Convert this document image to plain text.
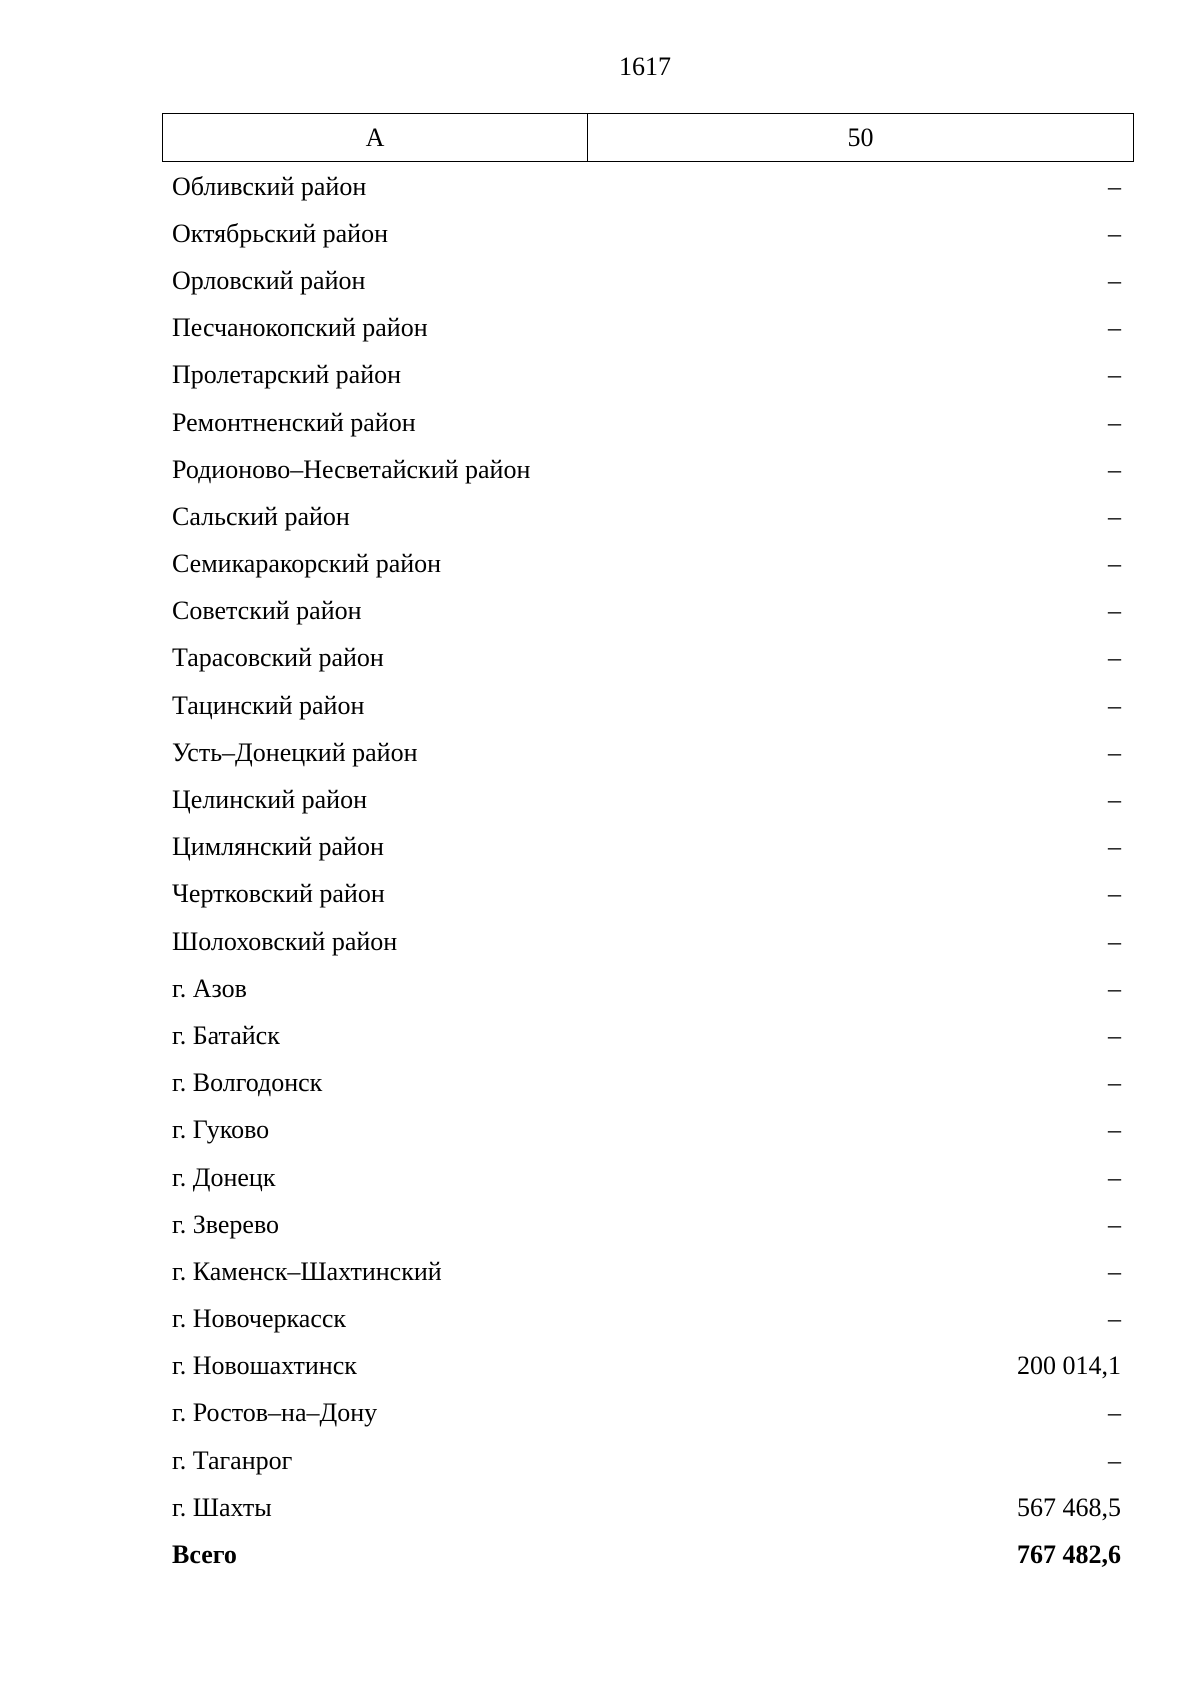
1617
А	50
Обливский район	–
Октябрьский район	–
Орловский район	–
Песчанокопский район	–
Пролетарский район	–
Ремонтненский район	–
Родионово–Несветайский район	–
Сальский район	–
Семикаракорский район	–
Советский район	–
Тарасовский район	–
Тацинский район	–
Усть–Донецкий район	–
Целинский район	–
Цимлянский район	–
Чертковский район	–
Шолоховский район	–
г. Азов	–
г. Батайск	–
г. Волгодонск	–
г. Гуково	–
г. Донецк	–
г. Зверево	–
г. Каменск–Шахтинский	–
г. Новочеркасск	–
г. Новошахтинск	200 014,1
г. Ростов–на–Дону	–
г. Таганрог	–
г. Шахты	567 468,5
Всего	767 482,6
